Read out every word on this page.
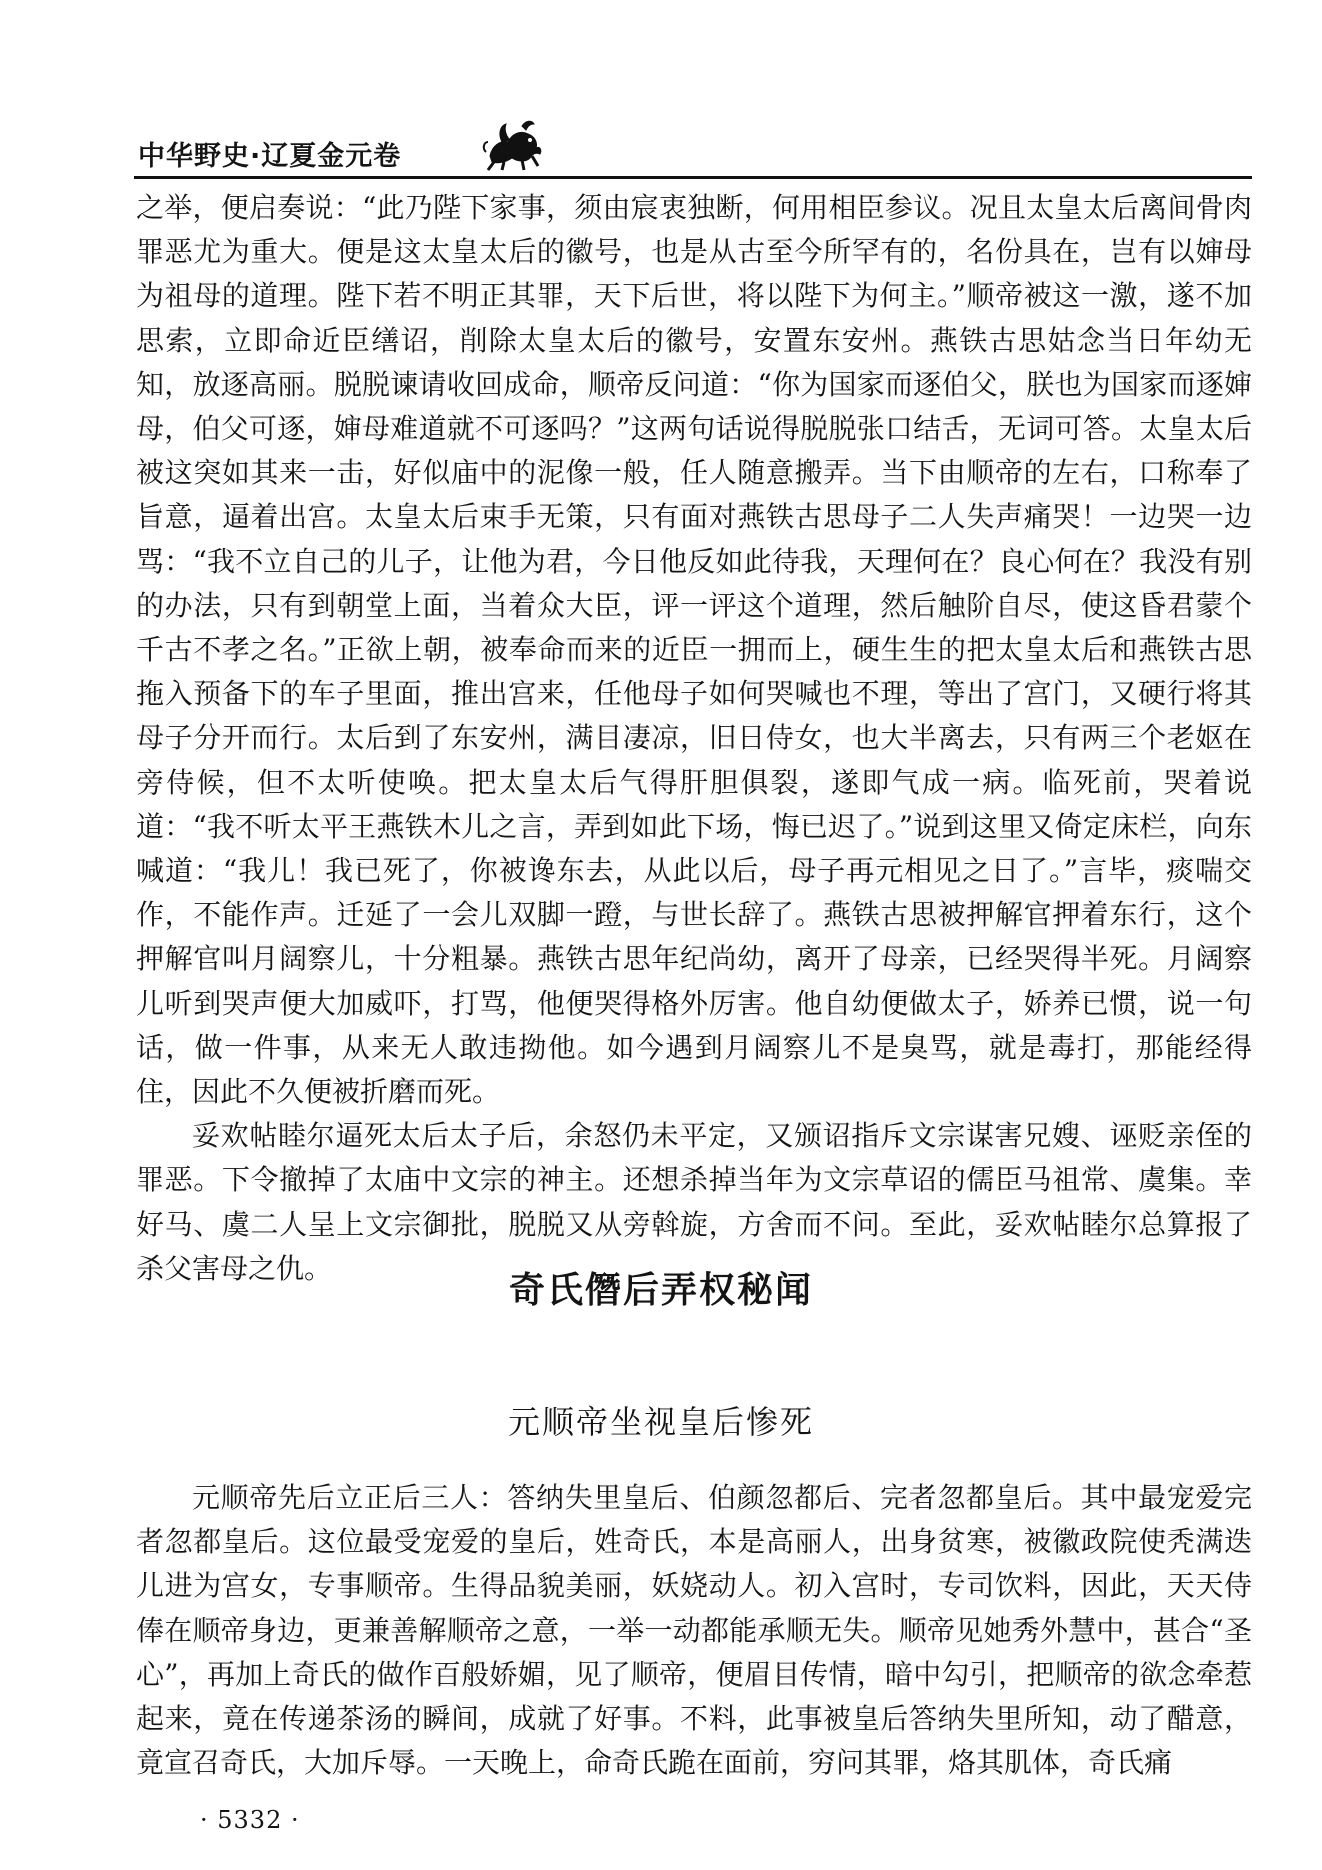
中华野史·辽夏金元卷

之举，便启奏说：“此乃陛下家事，须由宸衷独断，何用相臣参议。况且太皇太后离间骨肉罪恶尤为重大。便是这太皇太后的徽号，也是从古至今所罕有的，名份具在，岂有以婶母为祖母的道理。陛下若不明正其罪，天下后世，将以陛下为何主。”顺帝被这一激，遂不加思索，立即命近臣缮诏，削除太皇太后的徽号，安置东安州。燕铁古思姑念当日年幼无知，放逐高丽。脱脱谏请收回成命，顺帝反问道：“你为国家而逐伯父，朕也为国家而逐婶母，伯父可逐，婶母难道就不可逐吗？”这两句话说得脱脱张口结舌，无词可答。太皇太后被这突如其来一击，好似庙中的泥像一般，任人随意搬弄。当下由顺帝的左右，口称奉了旨意，逼着出宫。太皇太后束手无策，只有面对燕铁古思母子二人失声痛哭！一边哭一边骂：“我不立自己的儿子，让他为君，今日他反如此待我，天理何在？良心何在？我没有别的办法，只有到朝堂上面，当着众大臣，评一评这个道理，然后触阶自尽，使这昏君蒙个千古不孝之名。”正欲上朝，被奉命而来的近臣一拥而上，硬生生的把太皇太后和燕铁古思拖入预备下的车子里面，推出宫来，任他母子如何哭喊也不理，等出了宫门，又硬行将其母子分开而行。太后到了东安州，满目凄凉，旧日侍女，也大半离去，只有两三个老妪在旁侍候，但不太听使唤。把太皇太后气得肝胆俱裂，遂即气成一病。临死前，哭着说道：“我不听太平王燕铁木儿之言，弄到如此下场，悔已迟了。”说到这里又倚定床栏，向东喊道：“我儿！我已死了，你被谗东去，从此以后，母子再元相见之日了。”言毕，痰喘交作，不能作声。迁延了一会儿双脚一蹬，与世长辞了。燕铁古思被押解官押着东行，这个押解官叫月阔察儿，十分粗暴。燕铁古思年纪尚幼，离开了母亲，已经哭得半死。月阔察儿听到哭声便大加威吓，打骂，他便哭得格外厉害。他自幼便做太子，娇养已惯，说一句话，做一件事，从来无人敢违拗他。如今遇到月阔察儿不是臭骂，就是毒打，那能经得住，因此不久便被折磨而死。

妥欢帖睦尔逼死太后太子后，余怒仍未平定，又颁诏指斥文宗谋害兄嫂、诬贬亲侄的罪恶。下令撤掉了太庙中文宗的神主。还想杀掉当年为文宗草诏的儒臣马祖常、虞集。幸好马、虞二人呈上文宗御批，脱脱又从旁斡旋，方舍而不问。至此，妥欢帖睦尔总算报了杀父害母之仇。

奇氏僭后弄权秘闻
元顺帝坐视皇后惨死

元顺帝先后立正后三人：答纳失里皇后、伯颜忽都后、完者忽都皇后。其中最宠爱完者忽都皇后。这位最受宠爱的皇后，姓奇氏，本是高丽人，出身贫寒，被徽政院使秃满迭儿进为宫女，专事顺帝。生得品貌美丽，妖娆动人。初入宫时，专司饮料，因此，天天侍俸在顺帝身边，更兼善解顺帝之意，一举一动都能承顺无失。顺帝见她秀外慧中，甚合“圣心”，再加上奇氏的做作百般娇媚，见了顺帝，便眉目传情，暗中勾引，把顺帝的欲念牵惹起来，竟在传递茶汤的瞬间，成就了好事。不料，此事被皇后答纳失里所知，动了醋意，竟宣召奇氏，大加斥辱。一天晚上，命奇氏跪在面前，穷问其罪，烙其肌体，奇氏痛

· 5332 ·
